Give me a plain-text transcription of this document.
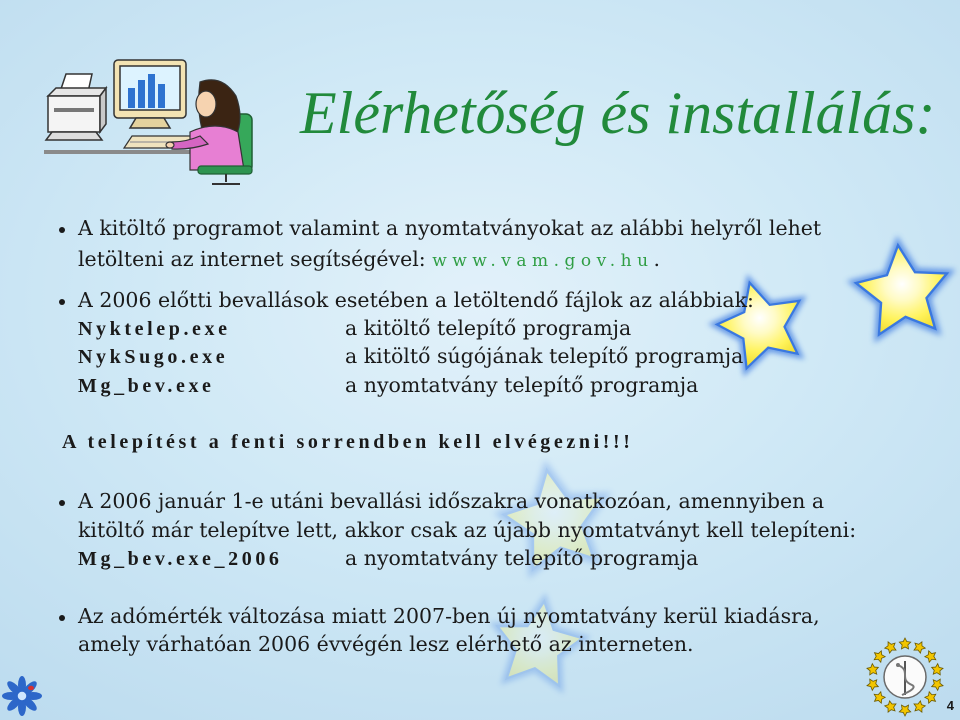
Elérhetőség és installálás:
A kitöltő programot valamint a nyomtatványokat az alábbi helyről lehet
letölteni az internet segítségével: www.vam.gov.hu.
A 2006 előtti bevallások esetében a letöltendő fájlok az alábbiak:
Nyktelep.exe	a kitöltő telepítő programja
NykSugo.exe	a kitöltő súgójának telepítő programja
Mg_bev.exe	a nyomtatvány telepítő programja
A telepítést a fenti sorrendben kell elvégezni!!!
A 2006 január 1-e utáni bevallási időszakra vonatkozóan, amennyiben a
kitöltő már telepítve lett, akkor csak az újabb nyomtatványt kell telepíteni:
Mg_bev.exe_2006	a nyomtatvány telepítő programja
Az adómérték változása miatt 2007-ben új nyomtatvány kerül kiadásra,
amely várhatóan 2006 évvégén lesz elérhető az interneten.
4
